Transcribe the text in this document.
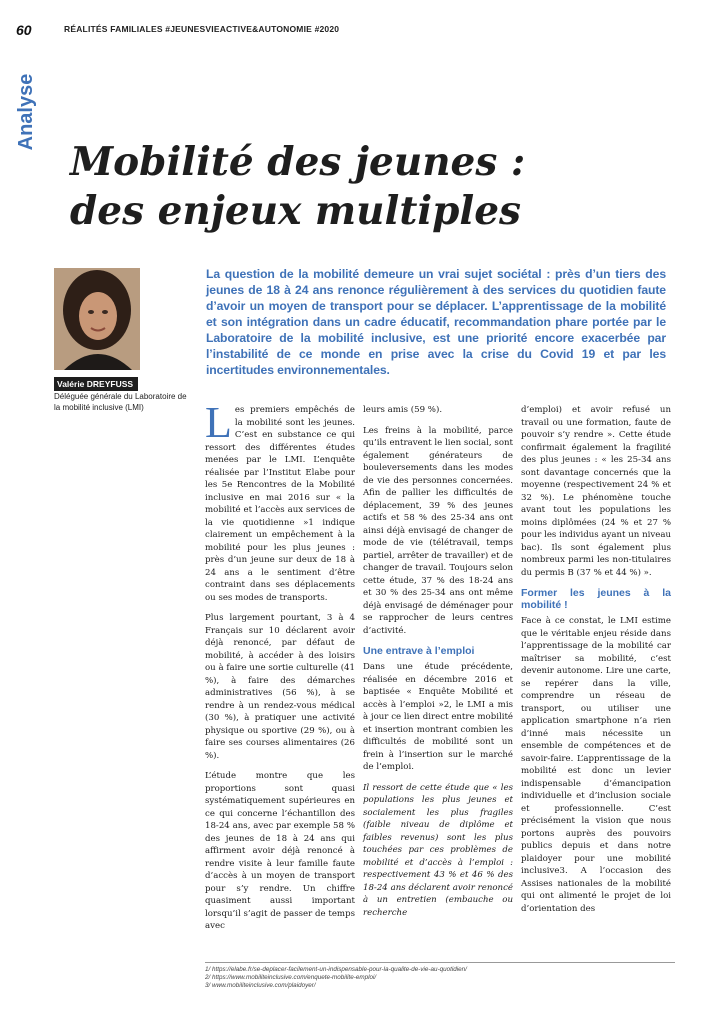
60	RÉALITÉS FAMILIALES #JEUNESVIEACTIVE&AUTONOMIE #2020
Analyse
Mobilité des jeunes :
des enjeux multiples
Valérie DREYFUSS
Déléguée générale du Laboratoire de la mobilité inclusive (LMI)
La question de la mobilité demeure un vrai sujet sociétal : près d’un tiers des jeunes de 18 à 24 ans renonce régulièrement à des services du quotidien faute d’avoir un moyen de transport pour se déplacer. L’apprentissage de la mobilité et son intégration dans un cadre éducatif, recommandation phare portée par le Laboratoire de la mobilité inclusive, est une priorité encore exacerbée par l’instabilité de ce monde en prise avec la crise du Covid 19 et par les incertitudes environnementales.

Les premiers empêchés de la mobilité sont les jeunes. C’est en substance ce qui ressort des différentes études menées par le LMI. L’enquête réalisée par l’Institut Elabe pour les 5e Rencontres de la Mobilité inclusive en mai 2016 sur « la mobilité et l’accès aux services de la vie quotidienne »1 indique clairement un empêchement à la mobilité pour les plus jeunes : près d’un jeune sur deux de 18 à 24 ans a le sentiment d’être contraint dans ses déplacements ou ses modes de transports.

Plus largement pourtant, 3 à 4 Français sur 10 déclarent avoir déjà renoncé, par défaut de mobilité, à accéder à des loisirs ou à faire une sortie culturelle (41 %), à faire des démarches administratives (56 %), à se rendre à un rendez-vous médical (30 %), à pratiquer une activité physique ou sportive (29 %), ou à faire ses courses alimentaires (26 %).

L’étude montre que les proportions sont quasi systématiquement supérieures en ce qui concerne l’échantillon des 18-24 ans, avec par exemple 58 % des jeunes de 18 à 24 ans qui affirment avoir déjà renoncé à rendre visite à leur famille faute d’accès à un moyen de transport pour s’y rendre. Un chiffre quasiment aussi important lorsqu’il s’agit de passer de temps avec

leurs amis (59 %).

Les freins à la mobilité, parce qu’ils entravent le lien social, sont également générateurs de bouleversements dans les modes de vie des personnes concernées. Afin de pallier les difficultés de déplacement, 39 % des jeunes actifs et 58 % des 25-34 ans ont ainsi déjà envisagé de changer de mode de vie (télétravail, temps partiel, arrêter de travailler) et de changer de travail. Toujours selon cette étude, 37 % des 18-24 ans et 30 % des 25-34 ans ont même déjà envisagé de déménager pour se rapprocher de leurs centres d’activité.

Une entrave à l’emploi

Dans une étude précédente, réalisée en décembre 2016 et baptisée « Enquête Mobilité et accès à l’emploi »2, le LMI a mis à jour ce lien direct entre mobilité et insertion montrant combien les difficultés de mobilité sont un frein à l’insertion sur le marché de l’emploi.

Il ressort de cette étude que « les populations les plus jeunes et socialement les plus fragiles (faible niveau de diplôme et faibles revenus) sont les plus touchées par ces problèmes de mobilité et d’accès à l’emploi : respectivement 43 % et 46 % des 18-24 ans déclarent avoir renoncé à un entretien (embauche ou recherche

d’emploi) et avoir refusé un travail ou une formation, faute de pouvoir s’y rendre ». Cette étude confirmait également la fragilité des plus jeunes : « les 25-34 ans sont davantage concernés que la moyenne (respectivement 24 % et 32 %). Le phénomène touche avant tout les populations les moins diplômées (24 % et 27 % pour les individus ayant un niveau bac). Ils sont également plus nombreux parmi les non-titulaires du permis B (37 % et 44 %) ».

Former les jeunes à la mobilité !

Face à ce constat, le LMI estime que le véritable enjeu réside dans l’apprentissage de la mobilité car maîtriser sa mobilité, c’est devenir autonome. Lire une carte, se repérer dans la ville, comprendre un réseau de transport, ou utiliser une application smartphone n’a rien d’inné mais nécessite un ensemble de compétences et de savoir-faire. L’apprentissage de la mobilité est donc un levier indispensable d’émancipation individuelle et d’inclusion sociale et professionnelle. C’est précisément la vision que nous portons auprès des pouvoirs publics depuis et dans notre plaidoyer pour une mobilité inclusive3. A l’occasion des Assises nationales de la mobilité qui ont alimenté le projet de loi d’orientation des

1/ https://elabe.fr/se-deplacer-facilement-un-indispensable-pour-la-qualite-de-vie-au-quotidien/
2/ https://www.mobiliteinclusive.com/enquete-mobilite-emploi/
3/ www.mobiliteinclusive.com/plaidoyer/
